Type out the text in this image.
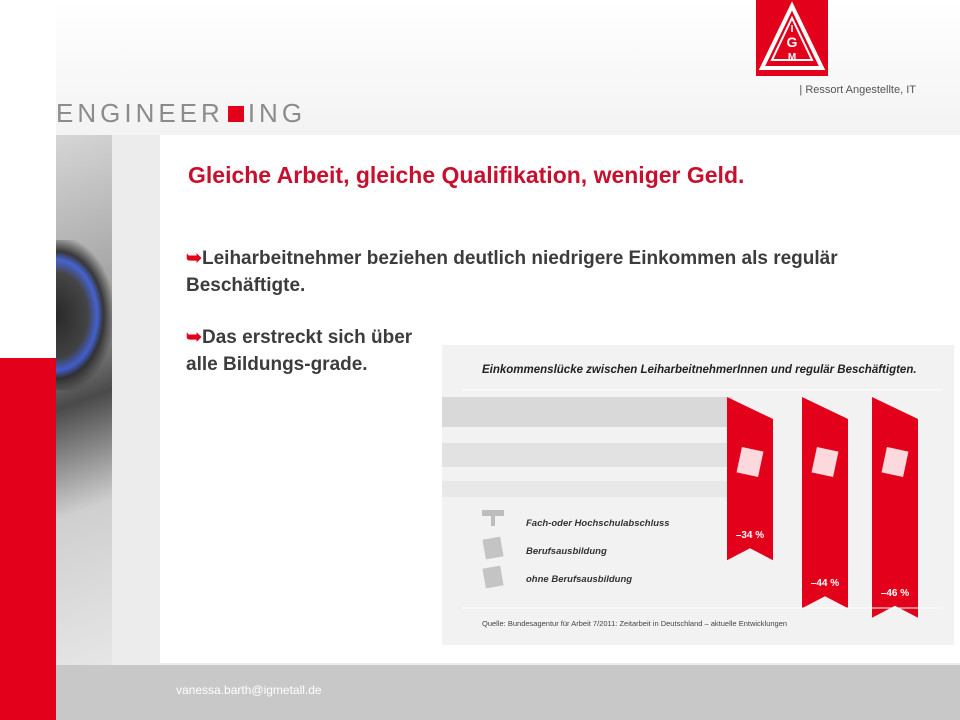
ENGINEER ING
I
G
M
| Ressort Angestellte, IT
Gleiche Arbeit, gleiche Qualifikation, weniger Geld.
➥Leiharbeitnehmer beziehen deutlich niedrigere Einkommen als regulär Beschäftigte.
➥Das erstreckt sich über alle Bildungs-grade.	Einkommenslücke zwischen LeiharbeitnehmerInnen und regulär Beschäftigten.
–34 %
–44 %
–46 %
Fach-oder Hochschulabschluss
Berufsausbildung
ohne Berufsausbildung
Quelle: Bundesagentur für Arbeit 7/2011: Zeitarbeit in Deutschland – aktuelle Entwicklungen
vanessa.barth@igmetall.de
